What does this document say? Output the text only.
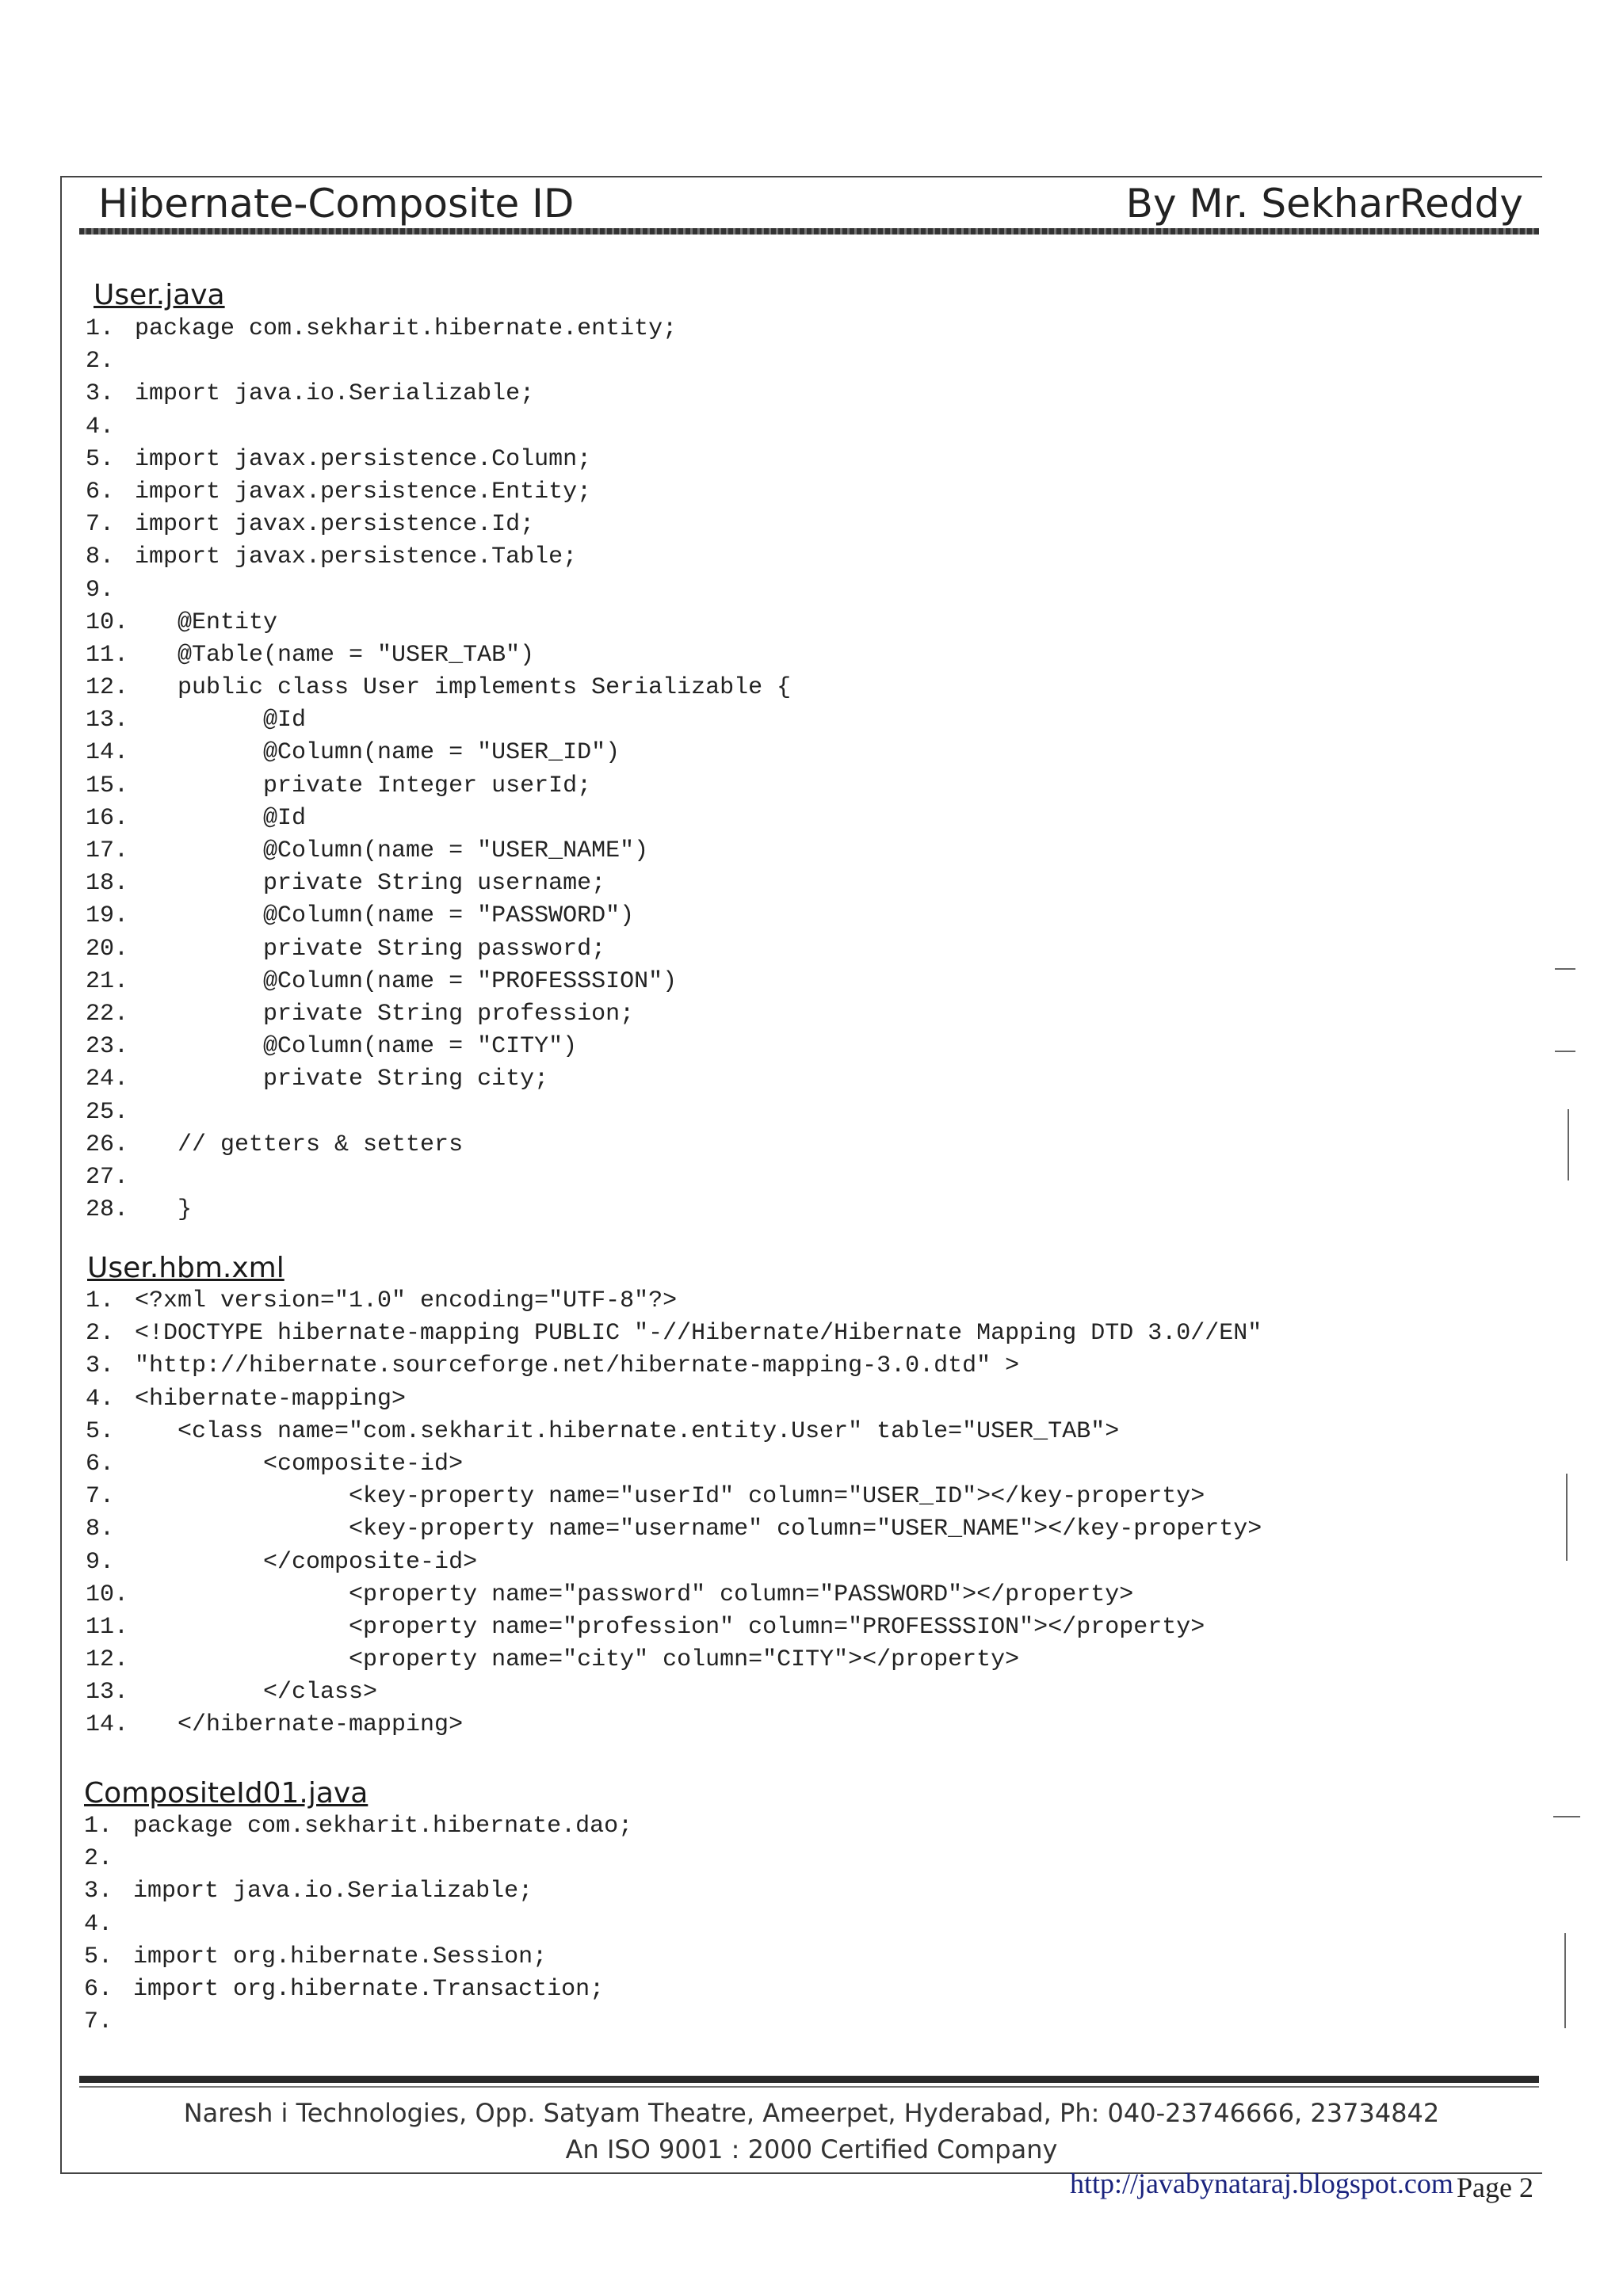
Hibernate-Composite ID	By Mr. SekharReddy
User.java
1. package com.sekharit.hibernate.entity;
2.
3. import java.io.Serializable;
4.
5. import javax.persistence.Column;
6. import javax.persistence.Entity;
7. import javax.persistence.Id;
8. import javax.persistence.Table;
9.
10. @Entity
11. @Table(name = "USER_TAB")
12. public class User implements Serializable {
13. @Id
14. @Column(name = "USER_ID")
15. private Integer userId;
16. @Id
17. @Column(name = "USER_NAME")
18. private String username;
19. @Column(name = "PASSWORD")
20. private String password;
21. @Column(name = "PROFESSSION")
22. private String profession;
23. @Column(name = "CITY")
24. private String city;
25.
26. // getters & setters
27.
28. }
User.hbm.xml
1. <?xml version="1.0" encoding="UTF-8"?>
2. <!DOCTYPE hibernate-mapping PUBLIC "-//Hibernate/Hibernate Mapping DTD 3.0//EN"
3. "http://hibernate.sourceforge.net/hibernate-mapping-3.0.dtd" >
4. <hibernate-mapping>
5. <class name="com.sekharit.hibernate.entity.User" table="USER_TAB">
6. <composite-id>
7. <key-property name="userId" column="USER_ID"></key-property>
8. <key-property name="username" column="USER_NAME"></key-property>
9. </composite-id>
10. <property name="password" column="PASSWORD"></property>
11. <property name="profession" column="PROFESSSION"></property>
12. <property name="city" column="CITY"></property>
13. </class>
14. </hibernate-mapping>
CompositeId01.java
1. package com.sekharit.hibernate.dao;
2.
3. import java.io.Serializable;
4.
5. import org.hibernate.Session;
6. import org.hibernate.Transaction;
7.
Naresh i Technologies, Opp. Satyam Theatre, Ameerpet, Hyderabad, Ph: 040-23746666, 23734842
An ISO 9001 : 2000 Certified Company
http://javabynataraj.blogspot.com Page 2
